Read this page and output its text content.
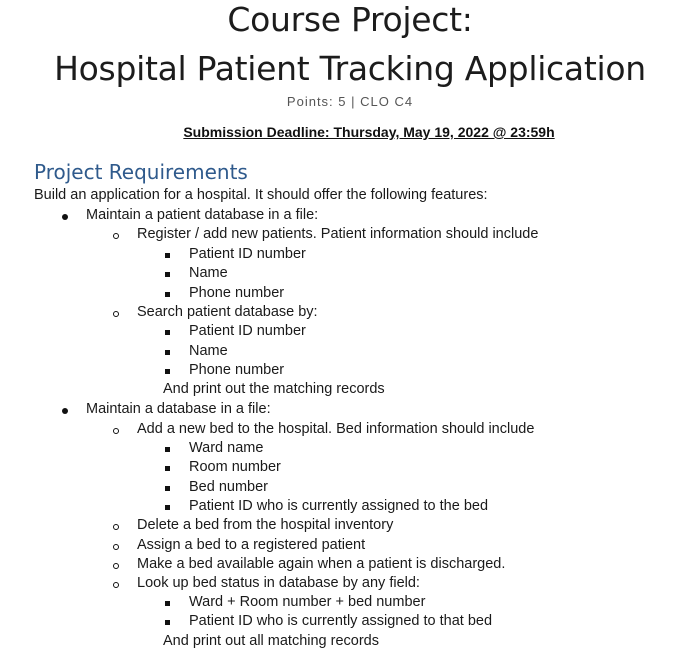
Course Project:
Hospital Patient Tracking Application
Points: 5 | CLO C4
Submission Deadline: Thursday, May 19, 2022 @ 23:59h
Project Requirements
Build an application for a hospital. It should offer the following features:
Maintain a patient database in a file:
Register / add new patients. Patient information should include
Patient ID number
Name
Phone number
Search patient database by:
Patient ID number
Name
Phone number
And print out the matching records
Maintain a database in a file:
Add a new bed to the hospital. Bed information should include
Ward name
Room number
Bed number
Patient ID who is currently assigned to the bed
Delete a bed from the hospital inventory
Assign a bed to a registered patient
Make a bed available again when a patient is discharged.
Look up bed status in database by any field:
Ward + Room number + bed number
Patient ID who is currently assigned to that bed
And print out all matching records
